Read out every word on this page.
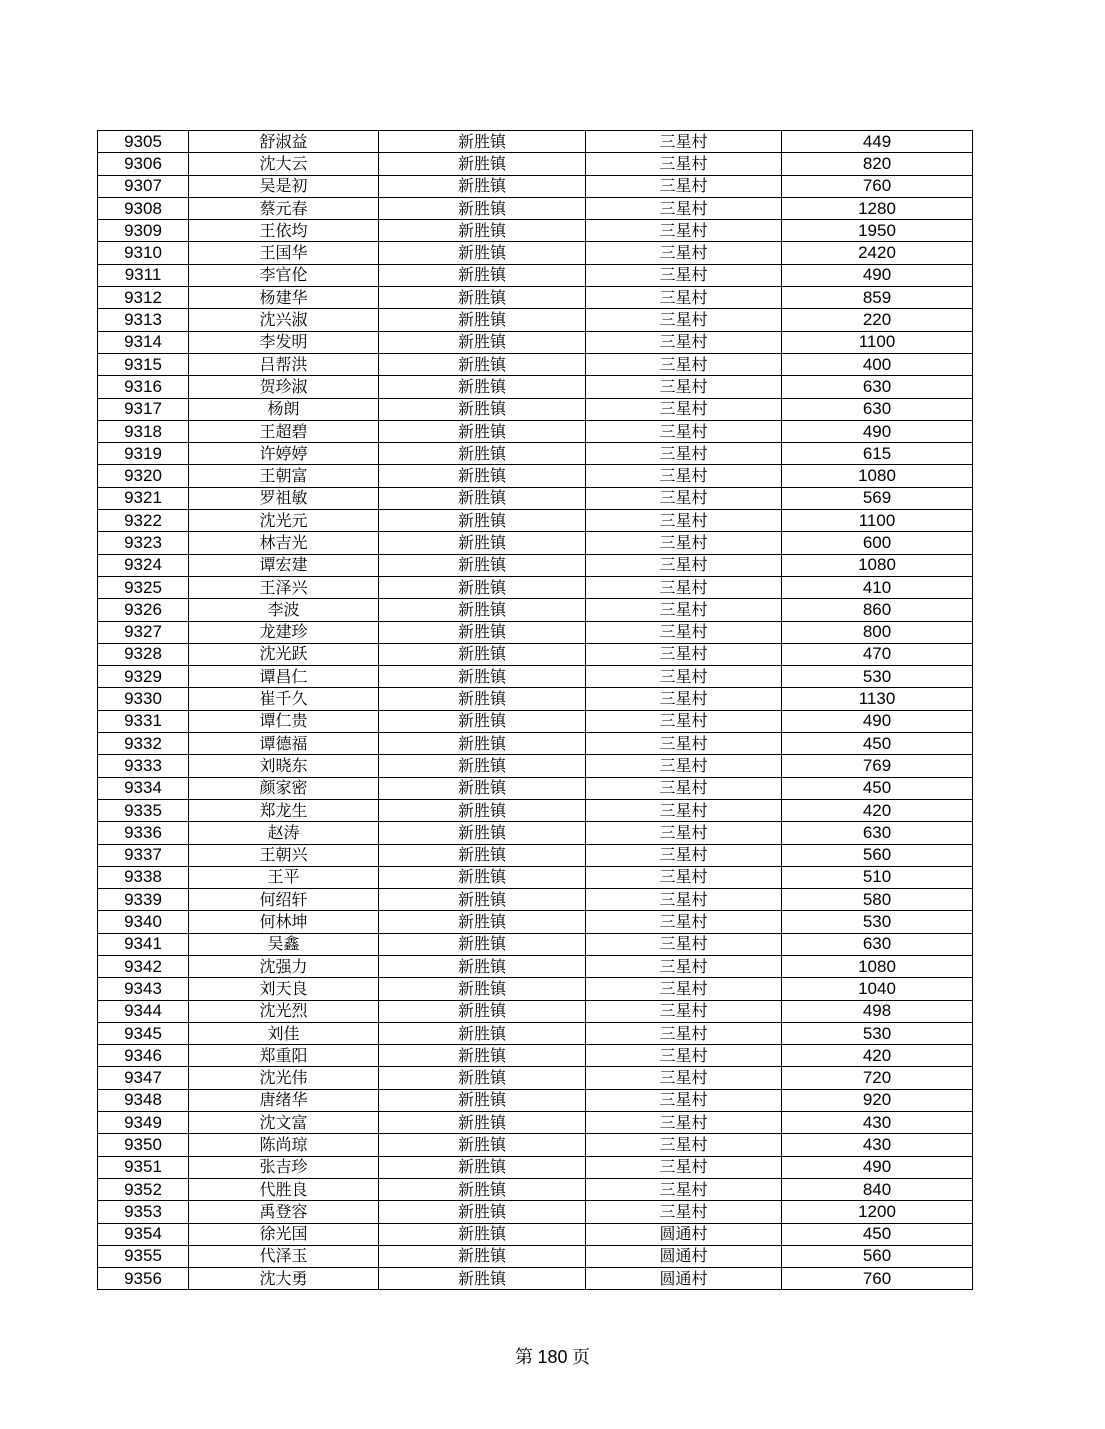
9305	舒淑益	新胜镇	三星村	449
9306	沈大云	新胜镇	三星村	820
9307	吴是初	新胜镇	三星村	760
9308	蔡元春	新胜镇	三星村	1280
9309	王依均	新胜镇	三星村	1950
9310	王国华	新胜镇	三星村	2420
9311	李官伦	新胜镇	三星村	490
9312	杨建华	新胜镇	三星村	859
9313	沈兴淑	新胜镇	三星村	220
9314	李发明	新胜镇	三星村	1100
9315	吕帮洪	新胜镇	三星村	400
9316	贺珍淑	新胜镇	三星村	630
9317	杨朗	新胜镇	三星村	630
9318	王超碧	新胜镇	三星村	490
9319	许婷婷	新胜镇	三星村	615
9320	王朝富	新胜镇	三星村	1080
9321	罗祖敏	新胜镇	三星村	569
9322	沈光元	新胜镇	三星村	1100
9323	林吉光	新胜镇	三星村	600
9324	谭宏建	新胜镇	三星村	1080
9325	王泽兴	新胜镇	三星村	410
9326	李波	新胜镇	三星村	860
9327	龙建珍	新胜镇	三星村	800
9328	沈光跃	新胜镇	三星村	470
9329	谭昌仁	新胜镇	三星村	530
9330	崔千久	新胜镇	三星村	1130
9331	谭仁贵	新胜镇	三星村	490
9332	谭德福	新胜镇	三星村	450
9333	刘晓东	新胜镇	三星村	769
9334	颜家密	新胜镇	三星村	450
9335	郑龙生	新胜镇	三星村	420
9336	赵涛	新胜镇	三星村	630
9337	王朝兴	新胜镇	三星村	560
9338	王平	新胜镇	三星村	510
9339	何绍轩	新胜镇	三星村	580
9340	何林坤	新胜镇	三星村	530
9341	吴鑫	新胜镇	三星村	630
9342	沈强力	新胜镇	三星村	1080
9343	刘天良	新胜镇	三星村	1040
9344	沈光烈	新胜镇	三星村	498
9345	刘佳	新胜镇	三星村	530
9346	郑重阳	新胜镇	三星村	420
9347	沈光伟	新胜镇	三星村	720
9348	唐绪华	新胜镇	三星村	920
9349	沈文富	新胜镇	三星村	430
9350	陈尚琼	新胜镇	三星村	430
9351	张吉珍	新胜镇	三星村	490
9352	代胜良	新胜镇	三星村	840
9353	禹登容	新胜镇	三星村	1200
9354	徐光国	新胜镇	圆通村	450
9355	代泽玉	新胜镇	圆通村	560
9356	沈大勇	新胜镇	圆通村	760
第 180 页
